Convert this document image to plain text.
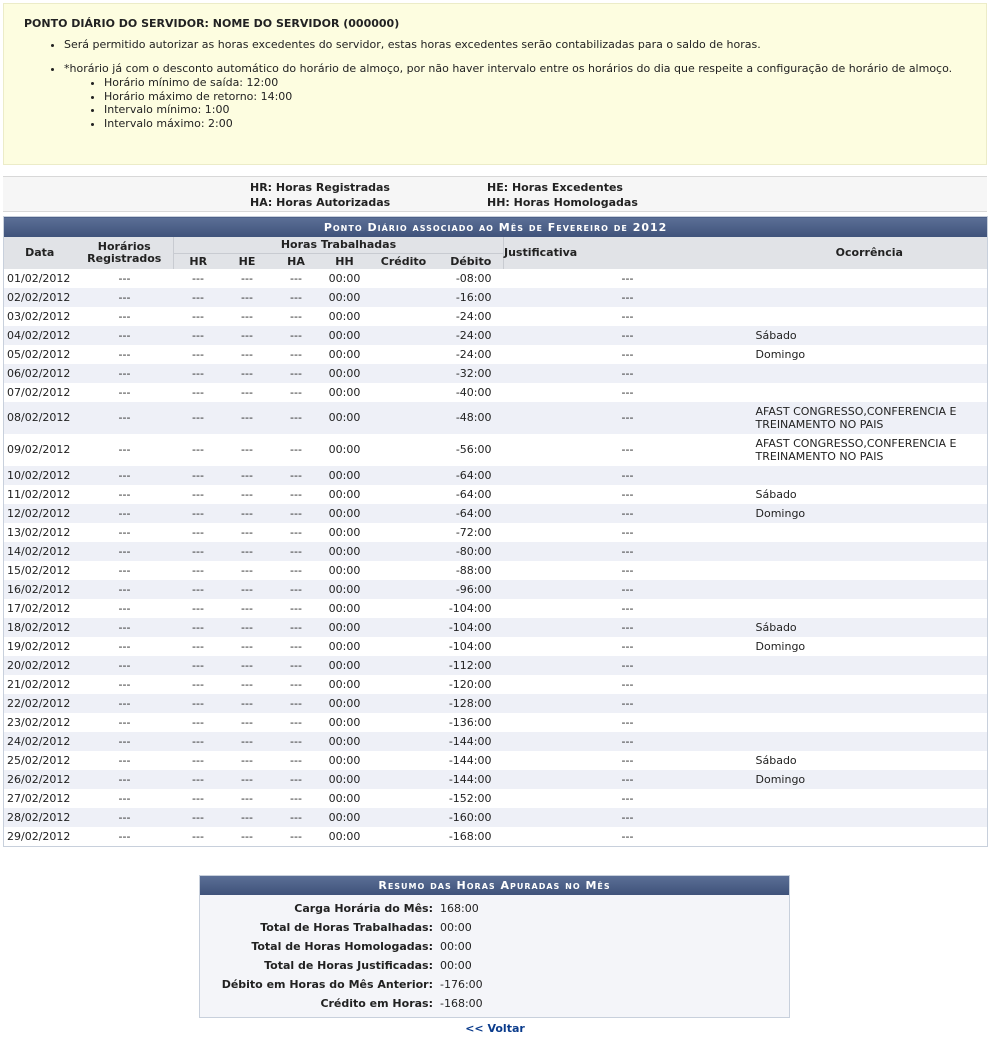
PONTO DIÁRIO DO SERVIDOR: NOME DO SERVIDOR (000000)
• Será permitido autorizar as horas excedentes do servidor, estas horas excedentes serão contabilizadas para o saldo de horas.
• *horário já com o desconto automático do horário de almoço, por não haver intervalo entre os horários do dia que respeite a configuração de horário de almoço.
• Horário mínimo de saída: 12:00
• Horário máximo de retorno: 14:00
• Intervalo mínimo: 1:00
• Intervalo máximo: 2:00
HR: Horas Registradas
HA: Horas Autorizadas
HE: Horas Excedentes
HH: Horas Homologadas
Ponto Diário associado ao Mês de Fevereiro de 2012									
Data	Horários Registrados	Horas Trabalhadas						Justificativa	Ocorrência
		HR	HE	HA	HH	Crédito	Débito		
01/02/2012	---	---	---	---	00:00		-08:00	---	
02/02/2012	---	---	---	---	00:00		-16:00	---	
03/02/2012	---	---	---	---	00:00		-24:00	---	
04/02/2012	---	---	---	---	00:00		-24:00	---	Sábado
05/02/2012	---	---	---	---	00:00		-24:00	---	Domingo
06/02/2012	---	---	---	---	00:00		-32:00	---	
07/02/2012	---	---	---	---	00:00		-40:00	---	
08/02/2012	---	---	---	---	00:00		-48:00	---	AFAST CONGRESSO,CONFERENCIA E TREINAMENTO NO PAIS
09/02/2012	---	---	---	---	00:00		-56:00	---	AFAST CONGRESSO,CONFERENCIA E TREINAMENTO NO PAIS
10/02/2012	---	---	---	---	00:00		-64:00	---	
11/02/2012	---	---	---	---	00:00		-64:00	---	Sábado
12/02/2012	---	---	---	---	00:00		-64:00	---	Domingo
13/02/2012	---	---	---	---	00:00		-72:00	---	
14/02/2012	---	---	---	---	00:00		-80:00	---	
15/02/2012	---	---	---	---	00:00		-88:00	---	
16/02/2012	---	---	---	---	00:00		-96:00	---	
17/02/2012	---	---	---	---	00:00		-104:00	---	
18/02/2012	---	---	---	---	00:00		-104:00	---	Sábado
19/02/2012	---	---	---	---	00:00		-104:00	---	Domingo
20/02/2012	---	---	---	---	00:00		-112:00	---	
21/02/2012	---	---	---	---	00:00		-120:00	---	
22/02/2012	---	---	---	---	00:00		-128:00	---	
23/02/2012	---	---	---	---	00:00		-136:00	---	
24/02/2012	---	---	---	---	00:00		-144:00	---	
25/02/2012	---	---	---	---	00:00		-144:00	---	Sábado
26/02/2012	---	---	---	---	00:00		-144:00	---	Domingo
27/02/2012	---	---	---	---	00:00		-152:00	---	
28/02/2012	---	---	---	---	00:00		-160:00	---	
29/02/2012	---	---	---	---	00:00		-168:00	---	
Resumo das Horas Apuradas no Mês
Carga Horária do Mês: 168:00
Total de Horas Trabalhadas: 00:00
Total de Horas Homologadas: 00:00
Total de Horas Justificadas: 00:00
Débito em Horas do Mês Anterior: -176:00
Crédito em Horas: -168:00
<< Voltar
